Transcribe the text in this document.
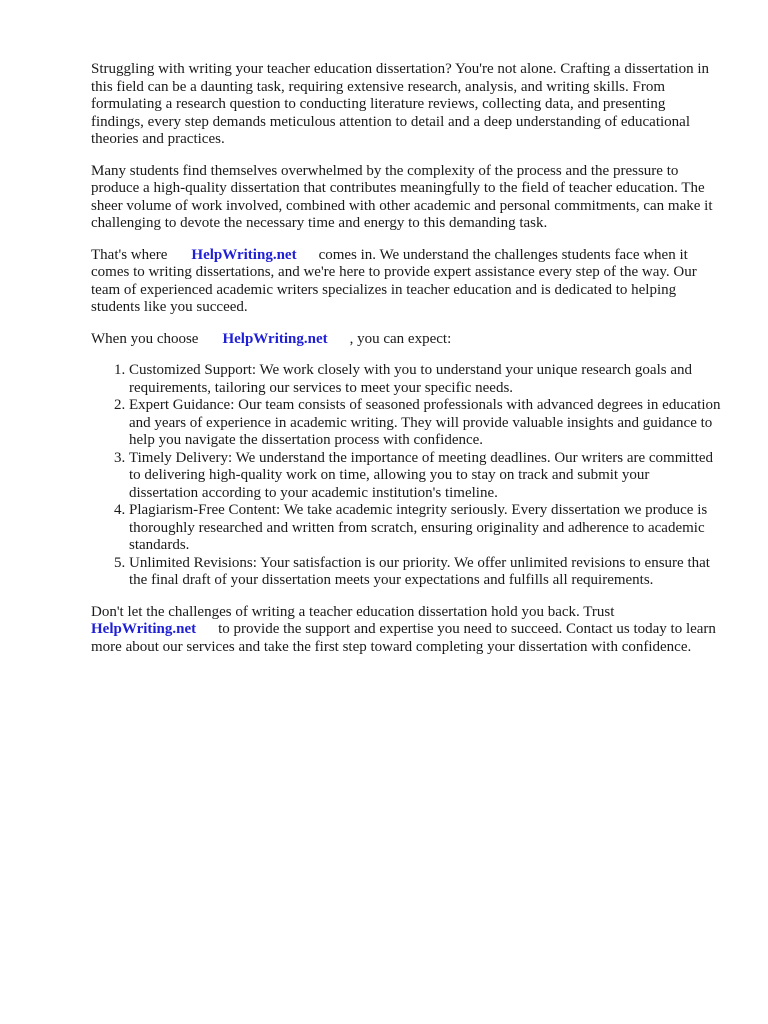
Struggling with writing your teacher education dissertation? You're not alone. Crafting a dissertation in this field can be a daunting task, requiring extensive research, analysis, and writing skills. From formulating a research question to conducting literature reviews, collecting data, and presenting findings, every step demands meticulous attention to detail and a deep understanding of educational theories and practices.

Many students find themselves overwhelmed by the complexity of the process and the pressure to produce a high-quality dissertation that contributes meaningfully to the field of teacher education. The sheer volume of work involved, combined with other academic and personal commitments, can make it challenging to devote the necessary time and energy to this demanding task.

That's where HelpWriting.net comes in. We understand the challenges students face when it comes to writing dissertations, and we're here to provide expert assistance every step of the way. Our team of experienced academic writers specializes in teacher education and is dedicated to helping students like you succeed.

When you choose HelpWriting.net , you can expect:

1. Customized Support: We work closely with you to understand your unique research goals and requirements, tailoring our services to meet your specific needs.
2. Expert Guidance: Our team consists of seasoned professionals with advanced degrees in education and years of experience in academic writing. They will provide valuable insights and guidance to help you navigate the dissertation process with confidence.
3. Timely Delivery: We understand the importance of meeting deadlines. Our writers are committed to delivering high-quality work on time, allowing you to stay on track and submit your dissertation according to your academic institution's timeline.
4. Plagiarism-Free Content: We take academic integrity seriously. Every dissertation we produce is thoroughly researched and written from scratch, ensuring originality and adherence to academic standards.
5. Unlimited Revisions: Your satisfaction is our priority. We offer unlimited revisions to ensure that the final draft of your dissertation meets your expectations and fulfills all requirements.

Don't let the challenges of writing a teacher education dissertation hold you back. Trust HelpWriting.net to provide the support and expertise you need to succeed. Contact us today to learn more about our services and take the first step toward completing your dissertation with confidence.
